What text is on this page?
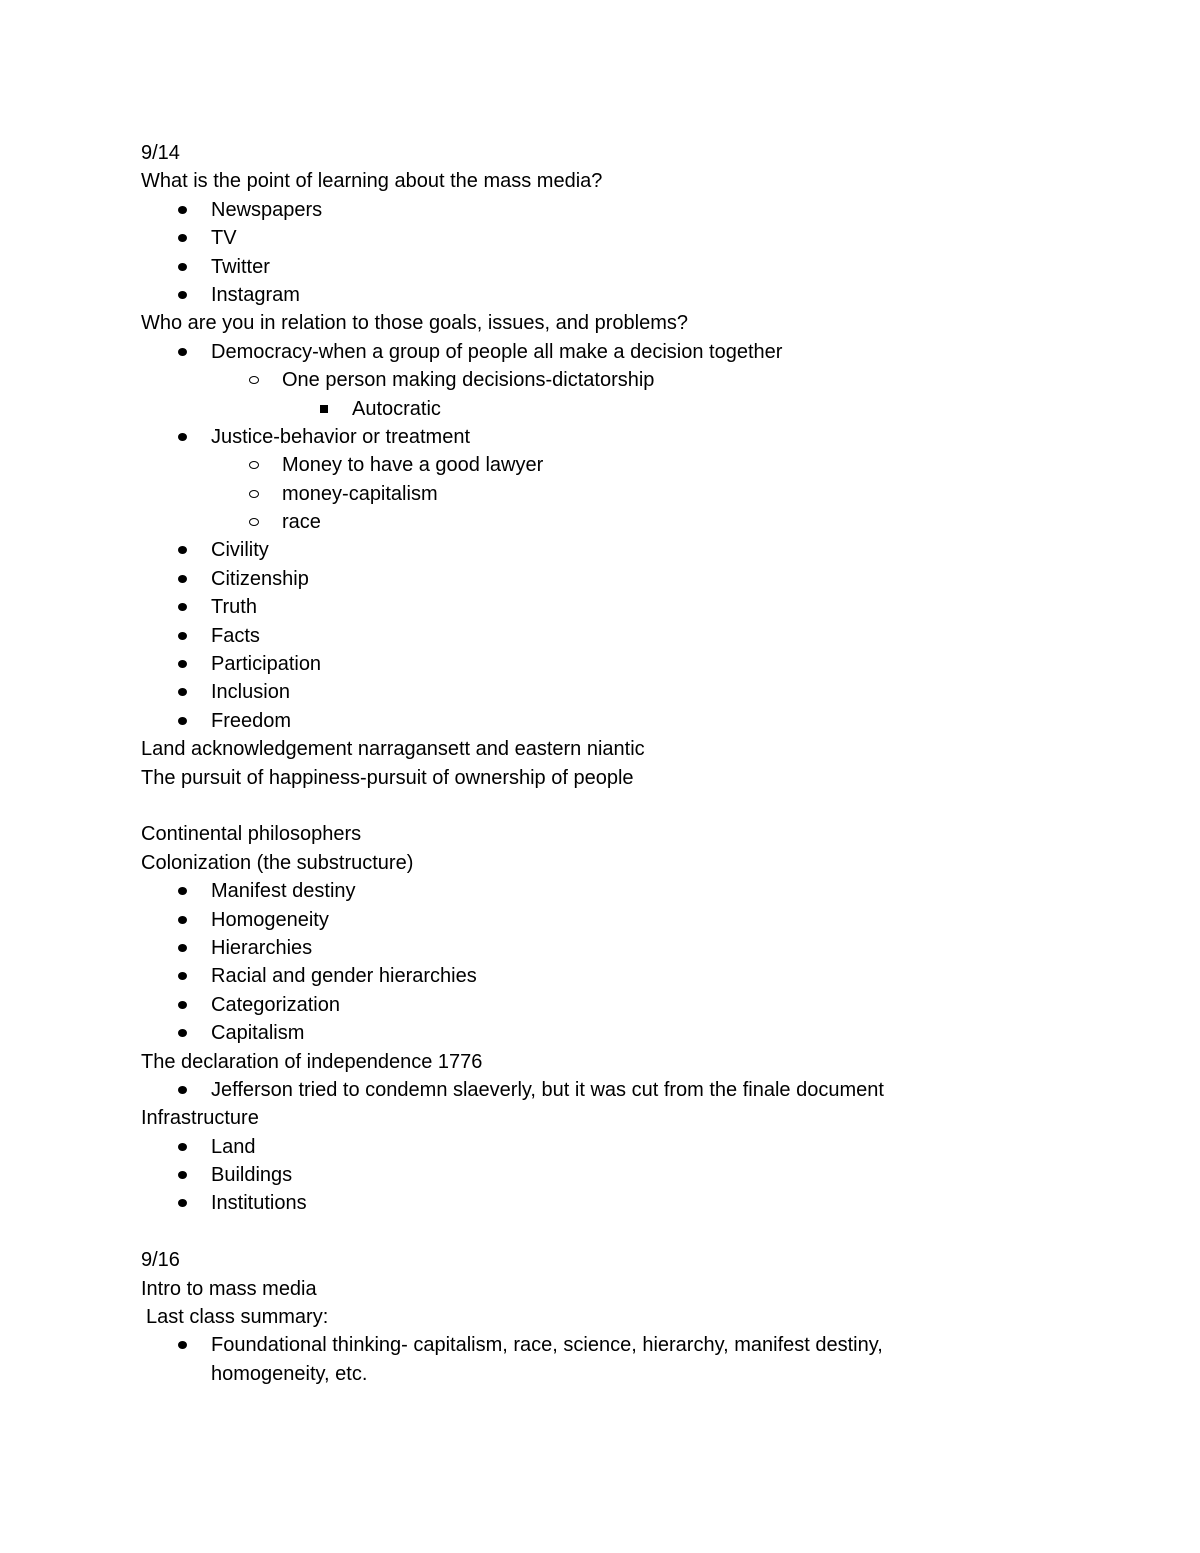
9/14
What is the point of learning about the mass media?
Newspapers
TV
Twitter
Instagram
Who are you in relation to those goals, issues, and problems?
Democracy-when a group of people all make a decision together
One person making decisions-dictatorship
Autocratic
Justice-behavior or treatment
Money to have a good lawyer
money-capitalism
race
Civility
Citizenship
Truth
Facts
Participation
Inclusion
Freedom
Land acknowledgement narragansett and eastern niantic
The pursuit of happiness-pursuit of ownership of people
Continental philosophers
Colonization (the substructure)
Manifest destiny
Homogeneity
Hierarchies
Racial and gender hierarchies
Categorization
Capitalism
The declaration of independence 1776
Jefferson tried to condemn slaeverly, but it was cut from the finale document
Infrastructure
Land
Buildings
Institutions
9/16
Intro to mass media
Last class summary:
Foundational thinking- capitalism, race, science, hierarchy, manifest destiny,
homogeneity, etc.
